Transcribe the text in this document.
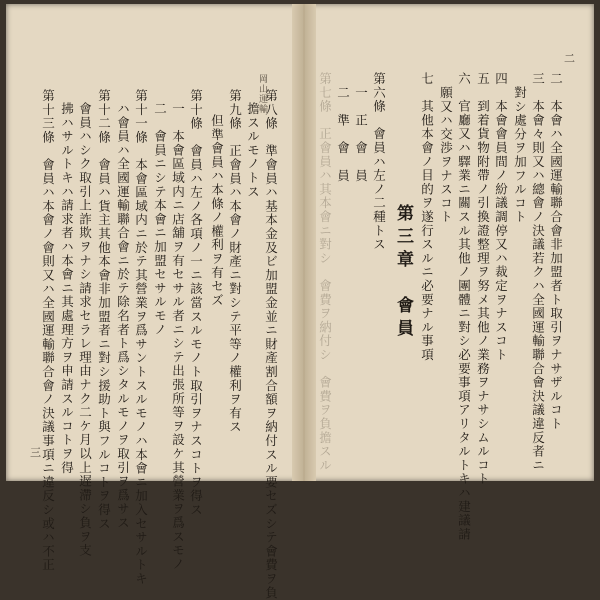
岡山運輸
第八條　準會員ハ基本金及ビ加盟金並ニ財產割合額ヲ納付スル要セズシテ會費ヲ負
擔スルモノトス
第九條　正會員ハ本會ノ財產ニ對シテ平等ノ權利ヲ有ス
但準會員ハ本條ノ權利ヲ有セズ
第十條　會員ハ左ノ各項ノ一ニ該當スルモノト取引ヲナスコトヲ得ス
一　本會區域内ニ店舖ヲ有セサル者ニシテ出張所等ヲ設ケ其營業ヲ爲スモノ
二　會員ニシテ本會ニ加盟セサルモノ
第十一條　本會區域内ニ於テ其營業ヲ爲サントスルモノハ本會ニ加入セサルトキ
ハ會員ハ全國運輸聯合會ニ於テ除名者ト爲シタルモノヲ取引ヲ爲サス
第十二條　會員ハ貨主其他本會非加盟者ニ對シ援助ト與フルコトヲ得ス
會員ハシク取引上詐欺ヲナシ請求セラレ理由ナク二ケ月以上遅滯シ負ヲ支
拂ハサルトキハ請求者ハ本會ニ其處理方ヲ申請スルコトヲ得
第十三條　會員ハ本會ノ會則又ハ全國運輸聯合會ノ決議事項ニ違反シ或ハ不正
三
二
二　本會ハ全國運輸聯合會非加盟者ト取引ヲナサザルコト
三　本會々則又ハ總會ノ決議若クハ全國運輸聯合會決議違反者ニ
對シ處分ヲ加フルコト
四　本會會員間ノ紛議調停又ハ裁定ヲナスコト
五　到着貨物附帶ノ引換證整理ヲ努メ其他ノ業務ヲナサシムルコト
六　官廳又ハ驛業ニ關スル其他ノ團體ニ對シ必要事項アリタルトキハ建議請
願又ハ交渉ヲナスコト
七　其他本會ノ目的ヲ遂行スルニ必要ナル事項
第三章　會員
第六條　會員ハ左ノ二種トス
一　正　會　員
二　準　會　員
第七條　正會員ハ其本會ニ對シ　會費ヲ納付シ　會費ヲ負擔スル
